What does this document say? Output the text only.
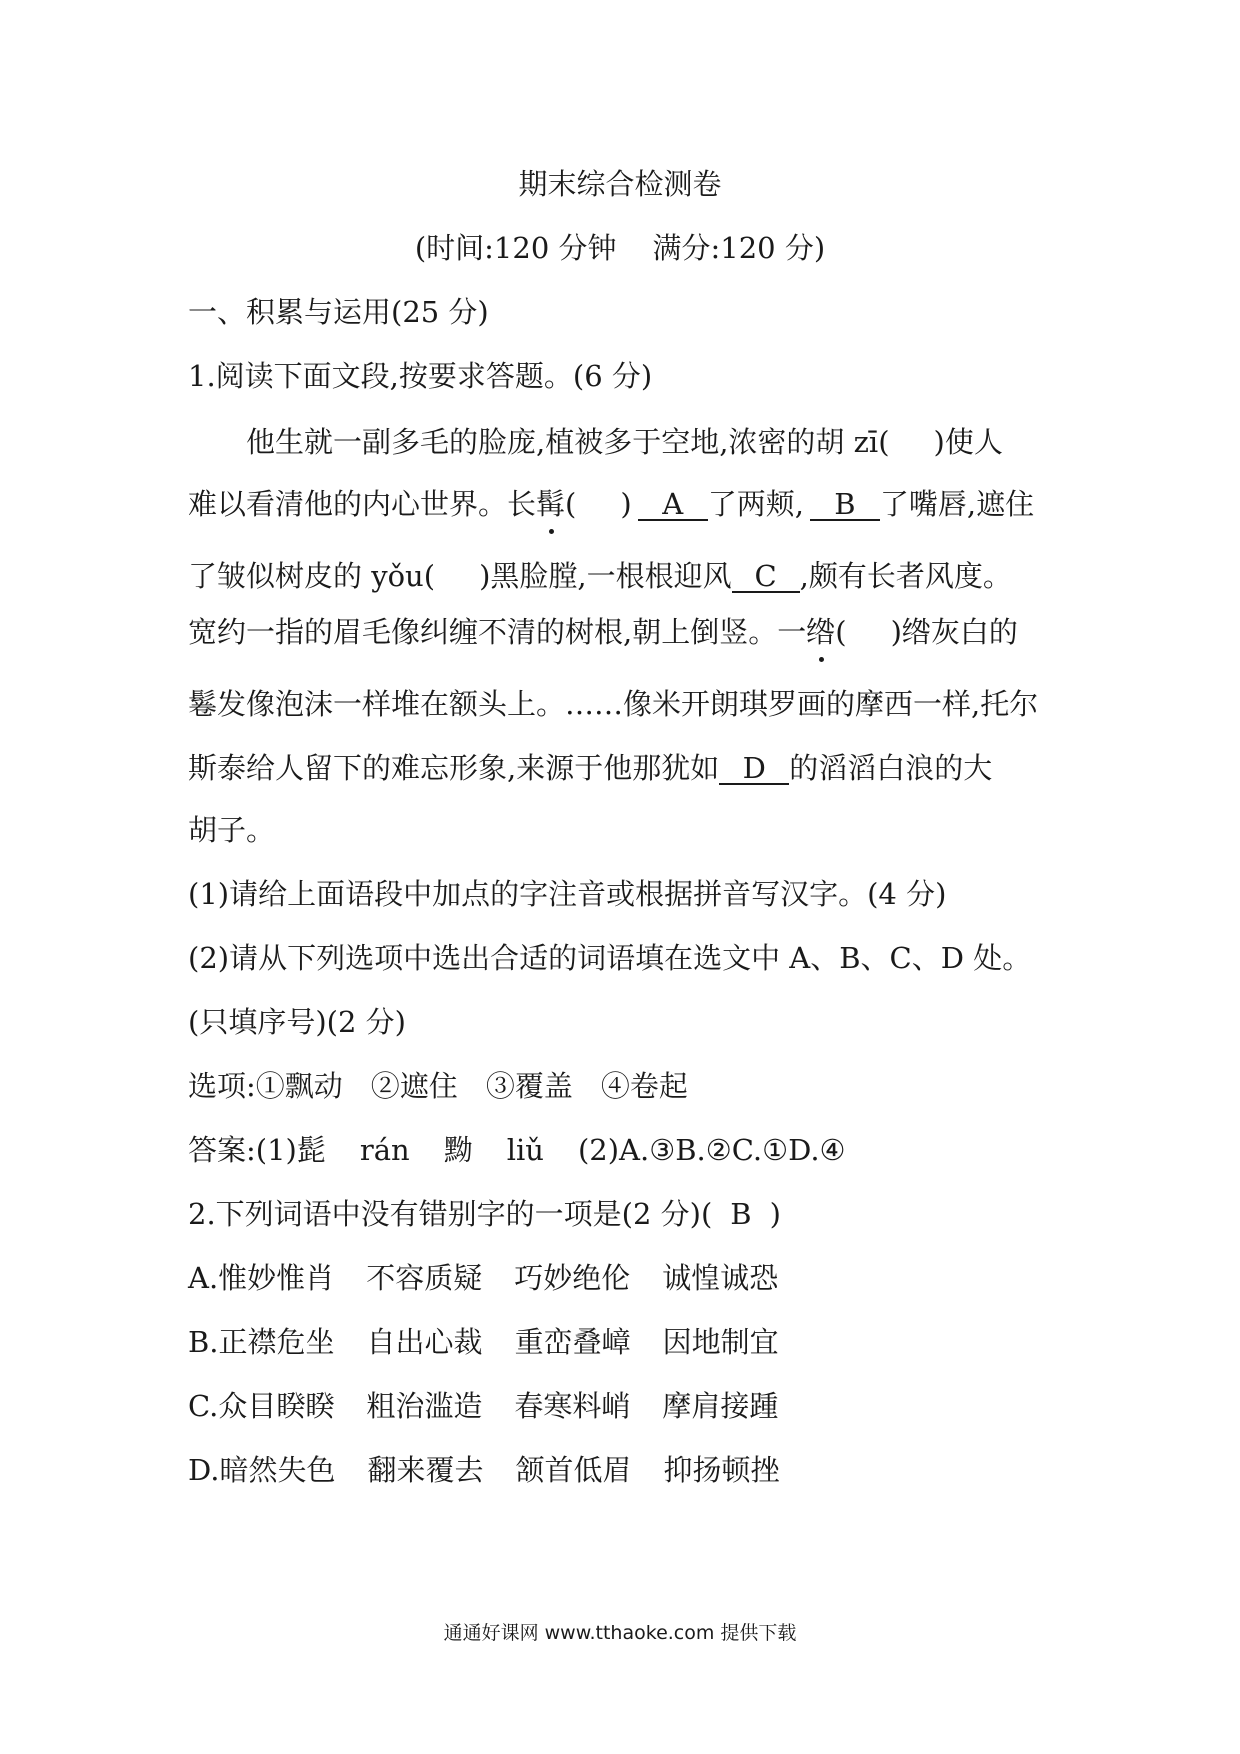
期末综合检测卷
(时间:120 分钟 满分:120 分)
一、积累与运用(25 分)
1.阅读下面文段,按要求答题。(6 分)
他生就一副多毛的脸庞,植被多于空地,浓密的胡 zī( )使人
难以看清他的内心世界。长髯( ) A 了两颊, B 了嘴唇,遮住
了皱似树皮的 yǒu( )黑脸膛,一根根迎风 C ,颇有长者风度。
宽约一指的眉毛像纠缠不清的树根,朝上倒竖。一绺( )绺灰白的
鬈发像泡沫一样堆在额头上。……像米开朗琪罗画的摩西一样,托尔
斯泰给人留下的难忘形象,来源于他那犹如 D 的滔滔白浪的大
胡子。
(1)请给上面语段中加点的字注音或根据拼音写汉字。(4 分)
(2)请从下列选项中选出合适的词语填在选文中 A、B、C、D 处。
(只填序号)(2 分)
选项:①飘动 ②遮住 ③覆盖 ④卷起
答案:(1)髭 rán 黝 liǔ (2)A.③B.②C.①D.④
2.下列词语中没有错别字的一项是(2 分)( B )
A.惟妙惟肖 不容质疑 巧妙绝伦 诚惶诚恐
B.正襟危坐 自出心裁 重峦叠嶂 因地制宜
C.众目睽睽 粗治滥造 春寒料峭 摩肩接踵
D.暗然失色 翻来覆去 颔首低眉 抑扬顿挫
通通好课网 www.tthaoke.com 提供下载
